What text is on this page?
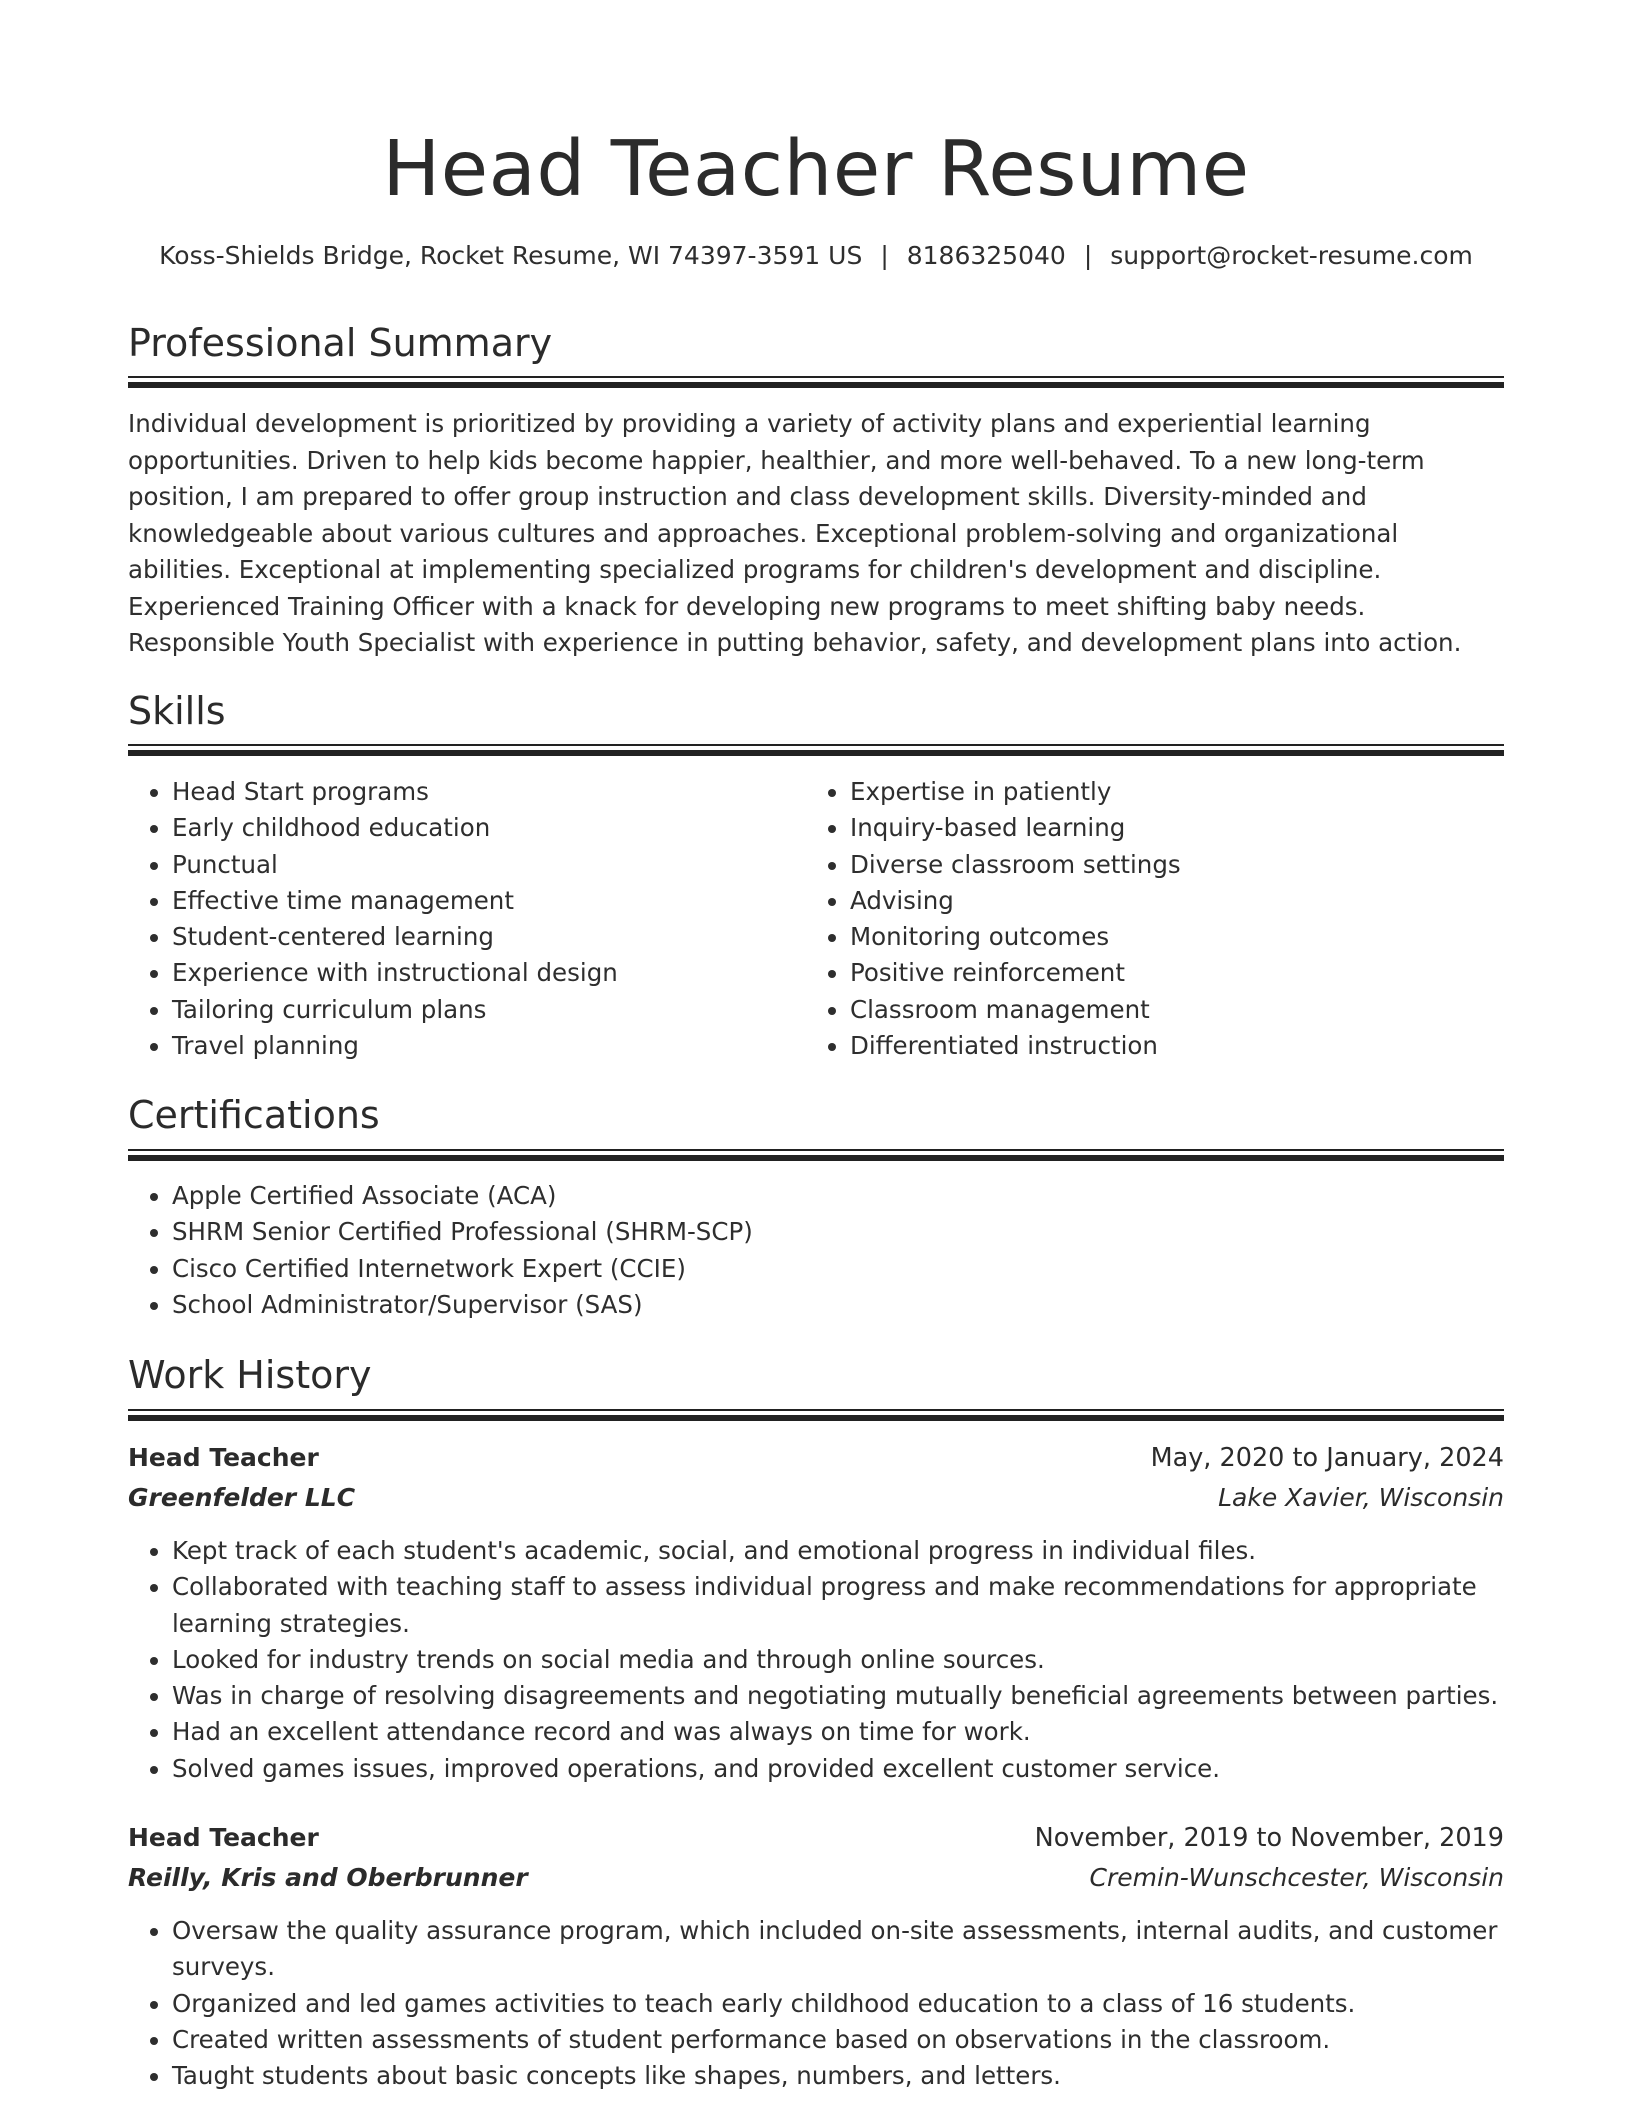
Head Teacher Resume
Koss-Shields Bridge, Rocket Resume, WI 74397-3591 US | 8186325040 | support@rocket-resume.com
Professional Summary

Individual development is prioritized by providing a variety of activity plans and experiential learning opportunities. Driven to help kids become happier, healthier, and more well-behaved. To a new long-term position, I am prepared to offer group instruction and class development skills. Diversity-minded and knowledgeable about various cultures and approaches. Exceptional problem-solving and organizational abilities. Exceptional at implementing specialized programs for children's development and discipline. Experienced Training Officer with a knack for developing new programs to meet shifting baby needs. Responsible Youth Specialist with experience in putting behavior, safety, and development plans into action.

Skills
• Head Start programs
• Early childhood education
• Punctual
• Effective time management
• Student-centered learning
• Experience with instructional design
• Tailoring curriculum plans
• Travel planning
• Expertise in patiently
• Inquiry-based learning
• Diverse classroom settings
• Advising
• Monitoring outcomes
• Positive reinforcement
• Classroom management
• Differentiated instruction
Certifications
• Apple Certified Associate (ACA)
• SHRM Senior Certified Professional (SHRM-SCP)
• Cisco Certified Internetwork Expert (CCIE)
• School Administrator/Supervisor (SAS)
Work History
Head Teacher	May, 2020 to January, 2024
Greenfelder LLC	Lake Xavier, Wisconsin
• Kept track of each student's academic, social, and emotional progress in individual files.
• Collaborated with teaching staff to assess individual progress and make recommendations for appropriate learning strategies.
• Looked for industry trends on social media and through online sources.
• Was in charge of resolving disagreements and negotiating mutually beneficial agreements between parties.
• Had an excellent attendance record and was always on time for work.
• Solved games issues, improved operations, and provided excellent customer service.
Head Teacher	November, 2019 to November, 2019
Reilly, Kris and Oberbrunner	Cremin-Wunschcester, Wisconsin
• Oversaw the quality assurance program, which included on-site assessments, internal audits, and customer surveys.
• Organized and led games activities to teach early childhood education to a class of 16 students.
• Created written assessments of student performance based on observations in the classroom.
• Taught students about basic concepts like shapes, numbers, and letters.
